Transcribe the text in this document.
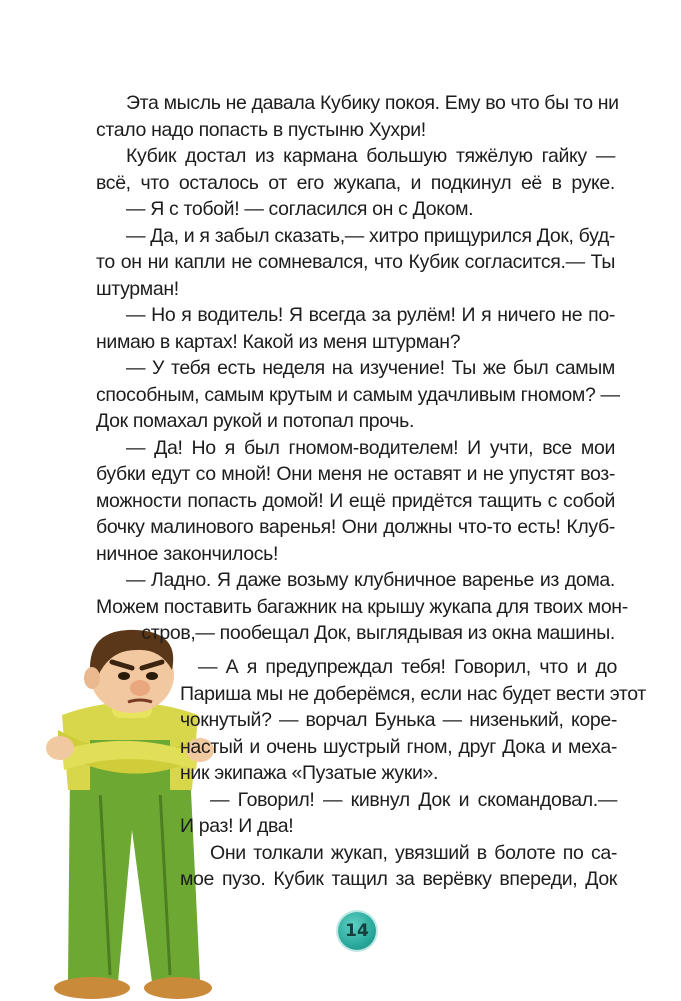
Эта мысль не давала Кубику покоя. Ему во что бы то ни
стало надо попасть в пустыню Хухри!
Кубик достал из кармана большую тяжёлую гайку —
всё, что осталось от его жукапа, и подкинул её в руке.
— Я с тобой! — согласился он с Доком.
— Да, и я забыл сказать,— хитро прищурился Док, буд-
то он ни капли не сомневался, что Кубик согласится.— Ты
штурман!
— Но я водитель! Я всегда за рулём! И я ничего не по-
нимаю в картах! Какой из меня штурман?
— У тебя есть неделя на изучение! Ты же был самым
способным, самым крутым и самым удачливым гномом? —
Док помахал рукой и потопал прочь.
— Да! Но я был гномом-водителем! И учти, все мои
бубки едут со мной! Они меня не оставят и не упустят воз-
можности попасть домой! И ещё придётся тащить с собой
бочку малинового варенья! Они должны что-то есть! Клуб-
ничное закончилось!
— Ладно. Я даже возьму клубничное варенье из дома.
Можем поставить багажник на крышу жукапа для твоих мон-
стров,— пообещал Док, выглядывая из окна машины.
— А я предупреждал тебя! Говорил, что и до
Париша мы не доберёмся, если нас будет вести этот
чокнутый? — ворчал Бунька — низенький, коре-
настый и очень шустрый гном, друг Дока и меха-
ник экипажа «Пузатые жуки».
— Говорил! — кивнул Док и скомандовал.—
И раз! И два!
Они толкали жукап, увязший в болоте по са-
мое пузо. Кубик тащил за верёвку впереди, Док
14
